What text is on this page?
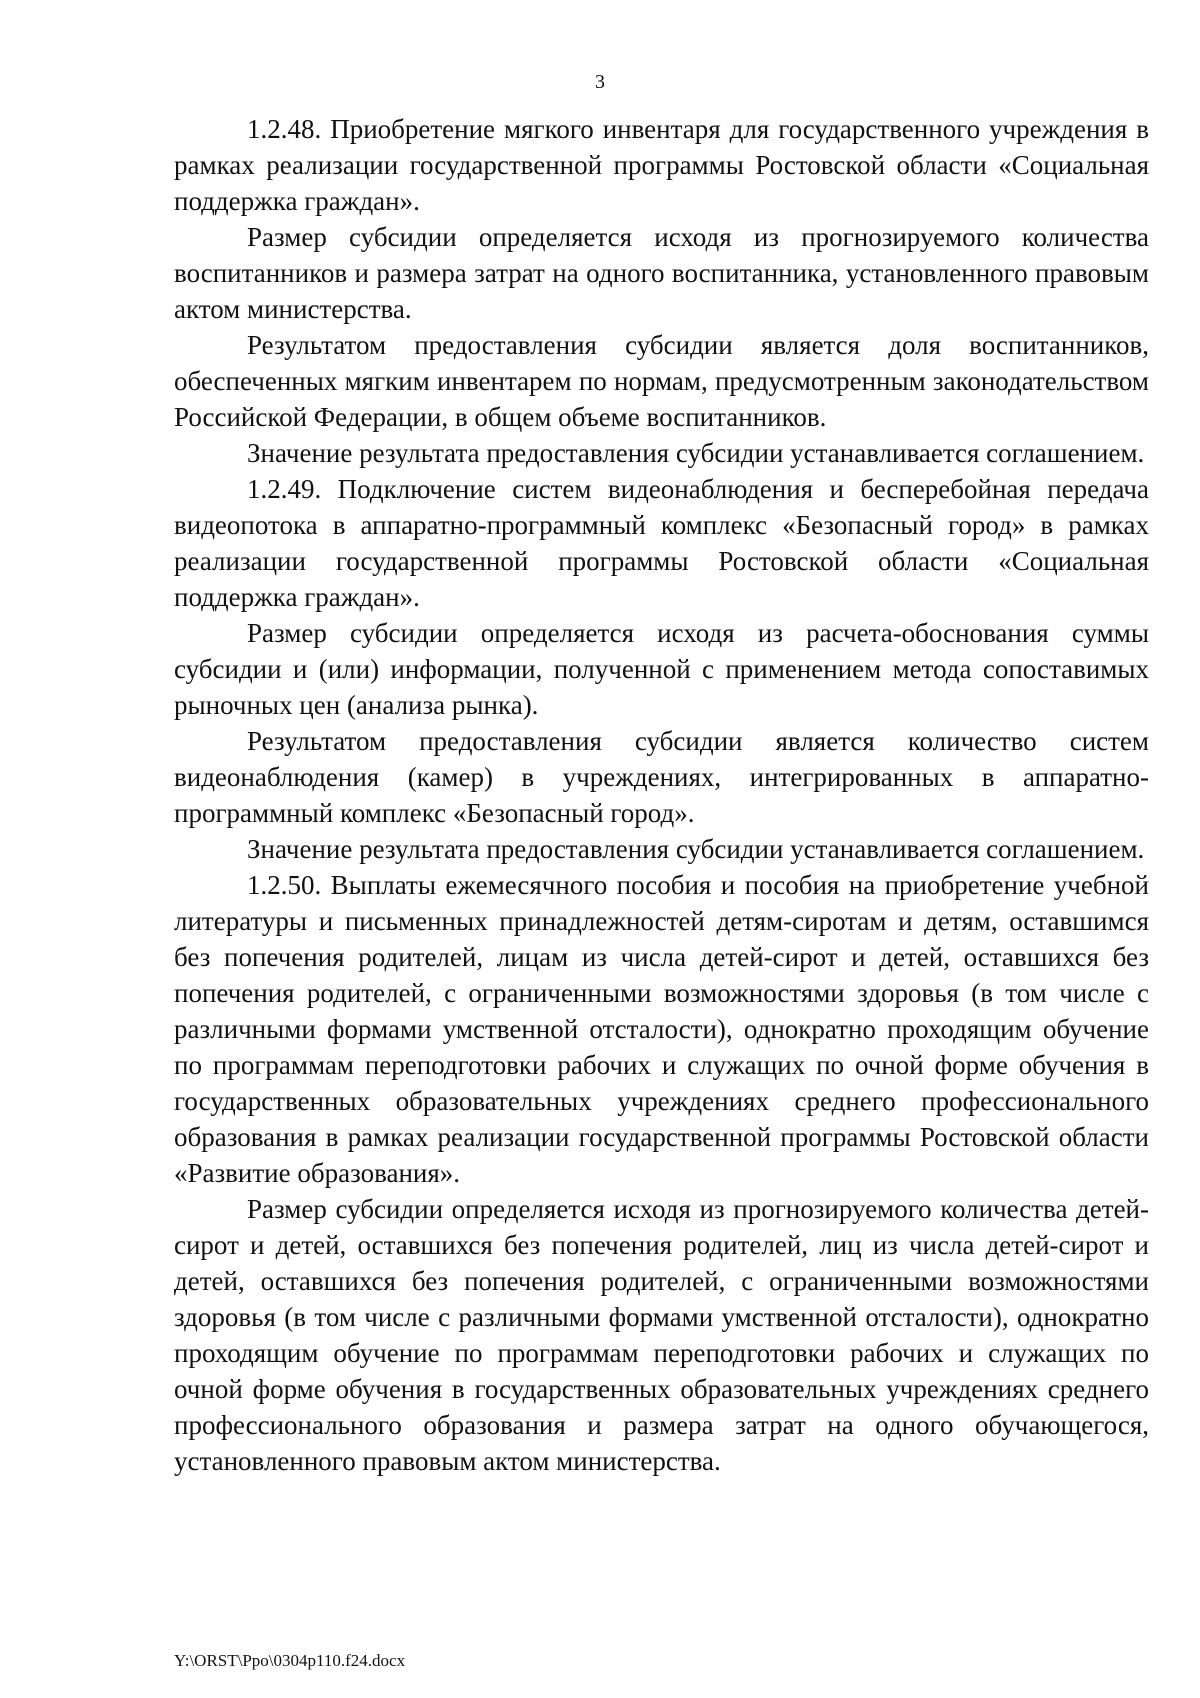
3

1.2.48. Приобретение мягкого инвентаря для государственного учреждения в рамках реализации государственной программы Ростовской области «Социальная поддержка граждан».

Размер субсидии определяется исходя из прогнозируемого количества воспитанников и размера затрат на одного воспитанника, установленного правовым актом министерства.

Результатом предоставления субсидии является доля воспитанников, обеспеченных мягким инвентарем по нормам, предусмотренным законодательством Российской Федерации, в общем объеме воспитанников.

Значение результата предоставления субсидии устанавливается соглашением.

1.2.49. Подключение систем видеонаблюдения и бесперебойная передача видеопотока в аппаратно-программный комплекс «Безопасный город» в рамках реализации государственной программы Ростовской области «Социальная поддержка граждан».

Размер субсидии определяется исходя из расчета-обоснования суммы субсидии и (или) информации, полученной с применением метода сопоставимых рыночных цен (анализа рынка).

Результатом предоставления субсидии является количество систем видеонаблюдения (камер) в учреждениях, интегрированных в аппаратно-программный комплекс «Безопасный город».

Значение результата предоставления субсидии устанавливается соглашением.

1.2.50. Выплаты ежемесячного пособия и пособия на приобретение учебной литературы и письменных принадлежностей детям-сиротам и детям, оставшимся без попечения родителей, лицам из числа детей-сирот и детей, оставшихся без попечения родителей, с ограниченными возможностями здоровья (в том числе с различными формами умственной отсталости), однократно проходящим обучение по программам переподготовки рабочих и служащих по очной форме обучения в государственных образовательных учреждениях среднего профессионального образования в рамках реализации государственной программы Ростовской области «Развитие образования».

Размер субсидии определяется исходя из прогнозируемого количества детей-сирот и детей, оставшихся без попечения родителей, лиц из числа детей-сирот и детей, оставшихся без попечения родителей, с ограниченными возможностями здоровья (в том числе с различными формами умственной отсталости), однократно проходящим обучение по программам переподготовки рабочих и служащих по очной форме обучения в государственных образовательных учреждениях среднего профессионального образования и размера затрат на одного обучающегося, установленного правовым актом министерства.

Y:\ORST\Ppo\0304p110.f24.docx
